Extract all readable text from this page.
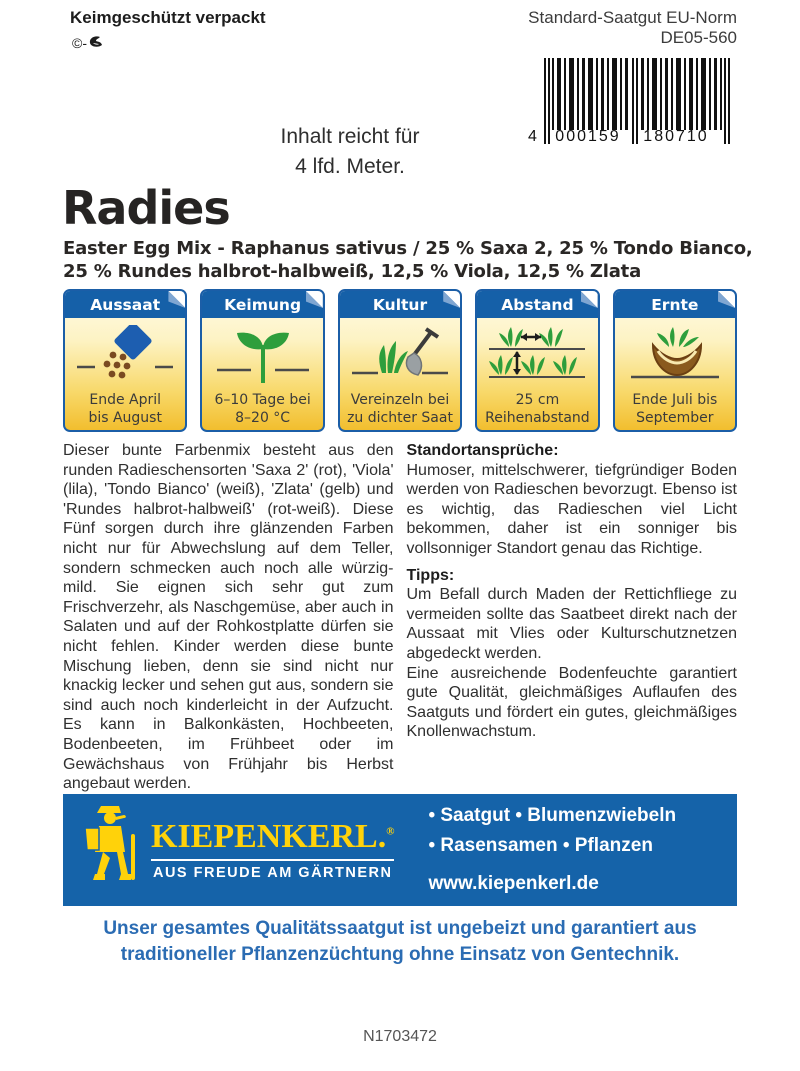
Keimgeschützt verpackt
©-
Standard-Saatgut EU-Norm
DE05-560
Inhalt reicht für
4 lfd. Meter.
4	000159	180710
Radies
Easter Egg Mix - Raphanus sativus / 25 % Saxa 2, 25 % Tondo Bianco,
25 % Rundes halbrot-halbweiß, 12,5 % Viola, 12,5 % Zlata
Aussaat
Ende April
bis August
Keimung
6–10 Tage bei
8–20 °C
Kultur
Vereinzeln bei
zu dichter Saat
Abstand
25 cm
Reihenabstand
Ernte
Ende Juli bis
September
Dieser bunte Farbenmix besteht aus den runden Radieschensorten 'Saxa 2' (rot), 'Viola' (lila), 'Tondo Bianco' (weiß), 'Zlata' (gelb) und 'Rundes halbrot-halbweiß' (rot-weiß). Diese Fünf sorgen durch ihre glänzenden Farben nicht nur für Abwechslung auf dem Teller, sondern schmecken auch noch alle würzig-mild. Sie eignen sich sehr gut zum Frischverzehr, als Naschgemüse, aber auch in Salaten und auf der Rohkostplatte dürfen sie nicht fehlen. Kinder werden diese bunte Mischung lieben, denn sie sind nicht nur knackig lecker und sehen gut aus, sondern sie sind auch noch kinderleicht in der Aufzucht. Es kann in Balkonkästen, Hochbeeten, Bodenbeeten, im Frühbeet oder im Gewächshaus von Frühjahr bis Herbst angebaut werden.
Standortansprüche:
Humoser, mittelschwerer, tiefgründiger Boden werden von Radieschen bevorzugt. Ebenso ist es wichtig, das Radieschen viel Licht bekommen, daher ist ein sonniger bis vollsonniger Standort genau das Richtige.
Tipps:
Um Befall durch Maden der Rettichfliege zu vermeiden sollte das Saatbeet direkt nach der Aussaat mit Vlies oder Kulturschutznetzen abgedeckt werden.
Eine ausreichende Bodenfeuchte garantiert gute Qualität, gleichmäßiges Auflaufen des Saatguts und fördert ein gutes, gleichmäßiges Knollenwachstum.
KIEPENKERL.®
AUS FREUDE AM GÄRTNERN
• Saatgut • Blumenzwiebeln
• Rasensamen • Pflanzen
www.kiepenkerl.de
Unser gesamtes Qualitätssaatgut ist ungebeizt und garantiert aus
traditioneller Pflanzenzüchtung ohne Einsatz von Gentechnik.
N1703472
